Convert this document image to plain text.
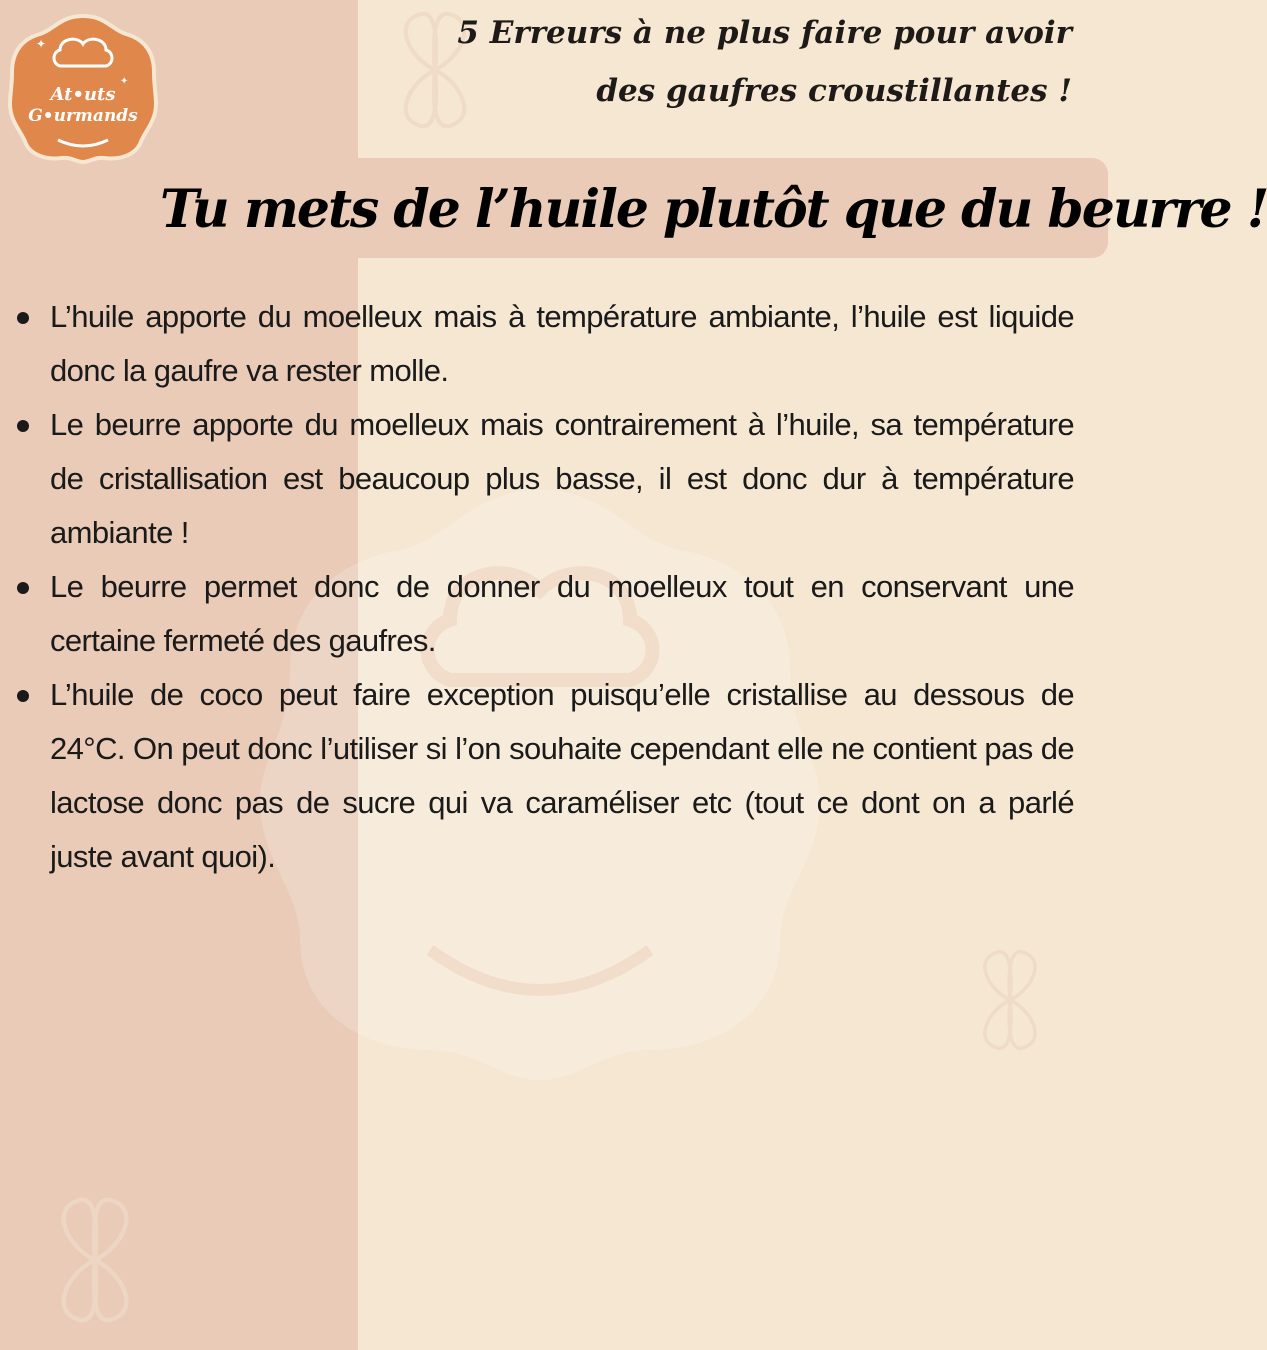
✦
✦
At•uts
G•urmands
5 Erreurs à ne plus faire pour avoir des gaufres croustillantes !
Tu mets de l’huile plutôt que du beurre !
L’huile apporte du moelleux mais à température ambiante, l’huile est liquide donc la gaufre va rester molle.
Le beurre apporte du moelleux mais contrairement à l’huile, sa température de cristallisation est beaucoup plus basse, il est donc dur à température ambiante !
Le beurre permet donc de donner du moelleux tout en conservant une certaine fermeté des gaufres.
L’huile de coco peut faire exception puisqu’elle cristallise au dessous de 24°C. On peut donc l’utiliser si l’on souhaite cependant elle ne contient pas de lactose donc pas de sucre qui va caraméliser etc (tout ce dont on a parlé juste avant quoi).
